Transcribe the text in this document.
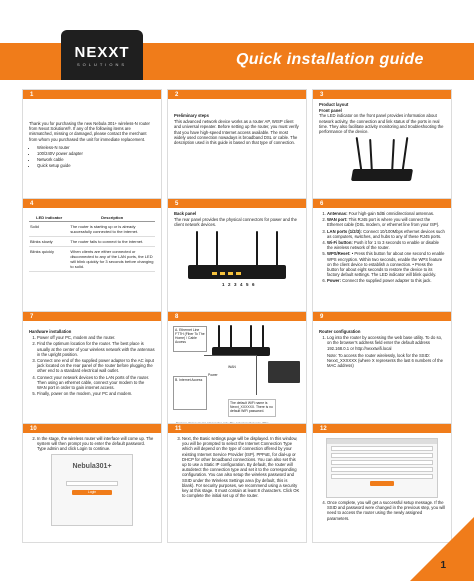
NEXXT
SOLUTIONS	Quick installation guide
1

Thank you for purchasing the new Nebula 301+ wireless-N router from Nexxt Solutions®. If any of the following items are mismatched, missing or damaged, please contact the merchant from whom you purchased the unit for immediate replacement.

• Wireless-N router
• 100/240V power adapter
• Network cable
• Quick setup guide
2
Preliminary steps

This advanced network device works as a router AP, WISP client and universal repeater. Before setting up the router, you must verify that you have high-speed Internet access available. The most widely used connection nowadays is broadband DSL or cable. The description used in this guide is based on that type of connection.

3
Product layout
Front panel

The LED indicator on the front panel provides information about network activity, the connection and link status of the ports in real time. They also facilitate activity monitoring and troubleshooting the performance of the device.

4
LED indicator	Description
Solid	The router is starting up or is already successfully connected to the internet.
Blinks slowly	The router fails to connect to the internet.
Blinks quickly	When clients are either connected or disconnected to any of the LAN ports, the LED will blink quickly for 3 seconds before changing to solid.
5
Back panel

The rear panel provides the physical connectors for power and the client network devices.

123456
6
1. Antennas: Four high-gain 5dBi omnidirectional antennas.
2. WAN port: This RJ45 port is where you will connect the Ethernet cable (DSL modem, or ethernet line from your ISP).
3. LAN ports (1/2/3): Connect 10/100Mbps ethernet devices such as computers, switches, and hubs to any of these RJ45 ports.
4. Wi-Fi button: Push it for 1 to 3 seconds to enable or disable the wireless network of the router.
5. WPS/Reset: • Press this button for about one second to enable WPS encryption. Within two seconds, enable the WPS feature on the client device to establish a connection. • Press the button for about eight seconds to restore the device to its factory default settings. The LED indicator will blink quickly.
6. Power: Connect the supplied power adapter to this jack.
7
Hardware installation
1. Power off your PC, modem and the router.
2. Find the optimum location for the router. The best place is usually at the center of your wireless network with the antennas in the upright position.
3. Connect one end of the supplied power adapter to the AC input jack located on the rear panel of the router before plugging the other end to a standard electrical wall outlet.
4. Connect your network devices to the LAN ports of the router. Then using an ethernet cable, connect your modem to the WAN port in order to gain internet access.
5. Finally, power on the modem, your PC and modem.
8
A. Ethernet Line FTTH (Fiber To The Home) / Cable Access
B. Internet Access
WAN
Power
The default WiFi name is Nexxt_XXXXXX. There is no default WiFi password.
9
Router configuration
1. Log into the router by accessing the web base utility. To do so, on the browser's address field enter the default address 192.168.0.1 or http://nexxtwifi.local

Note: To access the router wirelessly, look for the SSID: Nexxt_XXXXXX (where X represents the last 6 numbers of the MAC address)

10
2. In the stage, the wireless router will interface will come up. The system will then prompt you to enter the default password. Type admin and click Login to continue.
Nebula301+
Login
11
3. Next, the Basic settings page will be displayed. In this window, you will be prompted to select the Internet Connection Type which will depend on the type of connection offered by your existing Internet Service Provider (ISP). PPPoE, for dial-up or DHCP for other broadband connections. You can also set this up to use a Static IP configuration. By default, the router will autodetect the connection type and set it to the corresponding configuration. You can also setup the wireless password and SSID under the Wireless Settings area (by default, this is blank). For security purposes, we recommend using a security key at this stage. It must contain at least 8 characters. Click OK to complete the initial set up of the router.
12
4. Once complete, you will get a successful setup message. If the SSID and password were changed in the previous step, you will need to access the router using the newly assigned parameters.
1
